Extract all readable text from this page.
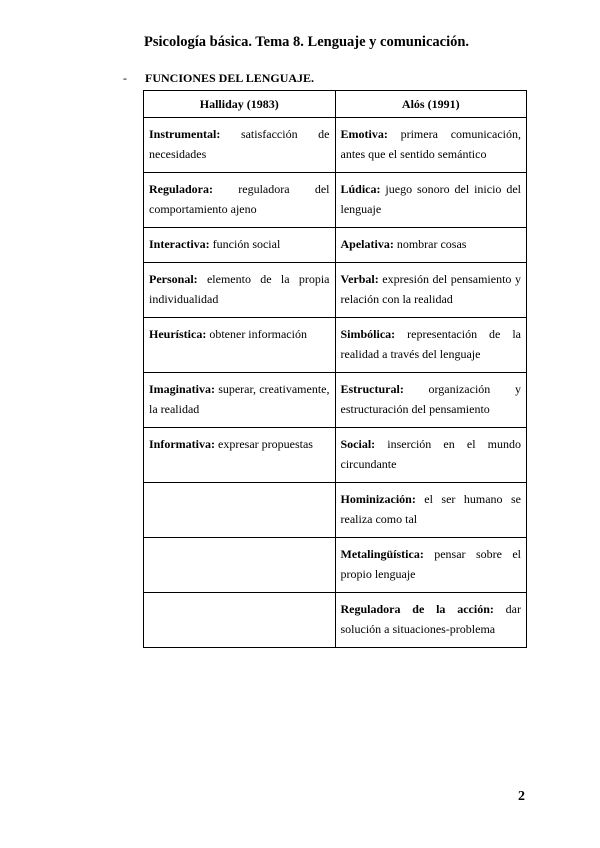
Psicología básica. Tema 8. Lenguaje y comunicación.
- FUNCIONES DEL LENGUAJE.
Halliday (1983)	Alós (1991)
Instrumental: satisfacción de necesidades	Emotiva: primera comunicación, antes que el sentido semántico
Reguladora: reguladora del comportamiento ajeno	Lúdica: juego sonoro del inicio del lenguaje
Interactiva: función social	Apelativa: nombrar cosas
Personal: elemento de la propia individualidad	Verbal: expresión del pensamiento y relación con la realidad
Heurística: obtener información	Simbólica: representación de la realidad a través del lenguaje
Imaginativa: superar, creativamente, la realidad	Estructural: organización y estructuración del pensamiento
Informativa: expresar propuestas	Social: inserción en el mundo circundante
	Hominización: el ser humano se realiza como tal
	Metalingüística: pensar sobre el propio lenguaje
	Reguladora de la acción: dar solución a situaciones-problema
2
